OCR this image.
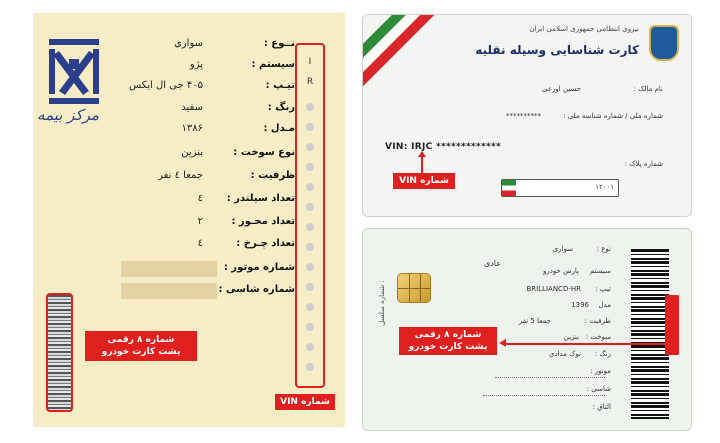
مرکز بیمه
نــوع :
سواری
سیستم :
پژو
تیـپ :
۴۰۵ جی ال ایکس
رنگ :
سفید
مـدل :
۱۳۸۶
نوع سوخت :
بنزین
ظرفیت :
جمعا ٤ نفر
تعداد سیلندر :
٤
تعداد محـور :
٢
تعداد چـرخ :
٤
شماره موتور :
شماره شاسی :
I
R
شماره ۸ رقمی
پشت کارت خودرو
شماره VIN
نیروی انتظامی جمهوری اسلامی ایران
کارت شناسایی وسیله نقلیه
نام مالک :
حسین اورعی
شماره ملی / شماره شناسه ملی :
**********
VIN: IRJC *************
شماره پلاک :
۱۲۰۰۱
شماره VIN
شماره سلسل :
نوع :
سواری
عادی
سیستم
پارس خودرو
تیپ :
BRILLIANCD-HR
مدل
1396
ظرفیت :
جمعا 5 نفر
سوخت :
بنزین
رنگ :
نوک مدادی
موتور :
شاسی :
التاق :
شماره ۸ رقمی
پشت کارت خودرو
